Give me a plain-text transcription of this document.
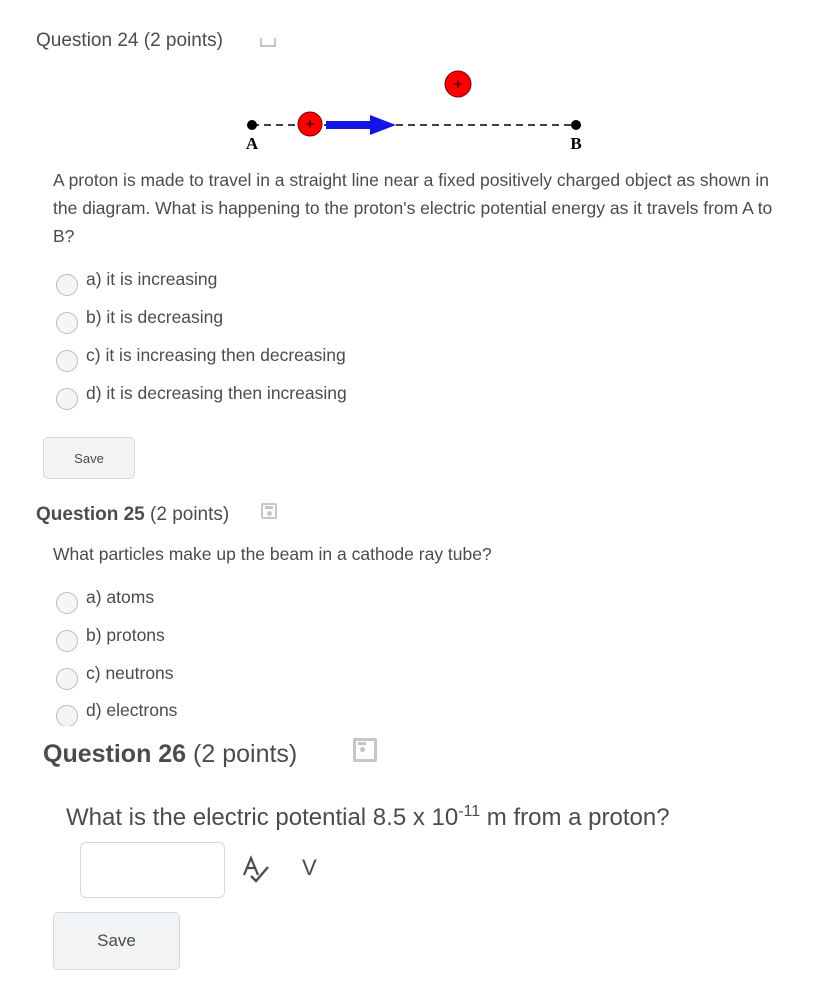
Question 24 (2 points)
A	B
+
+
A proton is made to travel in a straight line near a fixed positively charged object as shown in the diagram. What is happening to the proton's electric potential energy as it travels from A to B?
a) it is increasing
b) it is decreasing
c) it is increasing then decreasing
d) it is decreasing then increasing
Save
Question 25 (2 points)
What particles make up the beam in a cathode ray tube?
a) atoms
b) protons
c) neutrons
d) electrons
Question 26 (2 points)
What is the electric potential 8.5 x $10^{-11}$ m from a proton?
V
Save
